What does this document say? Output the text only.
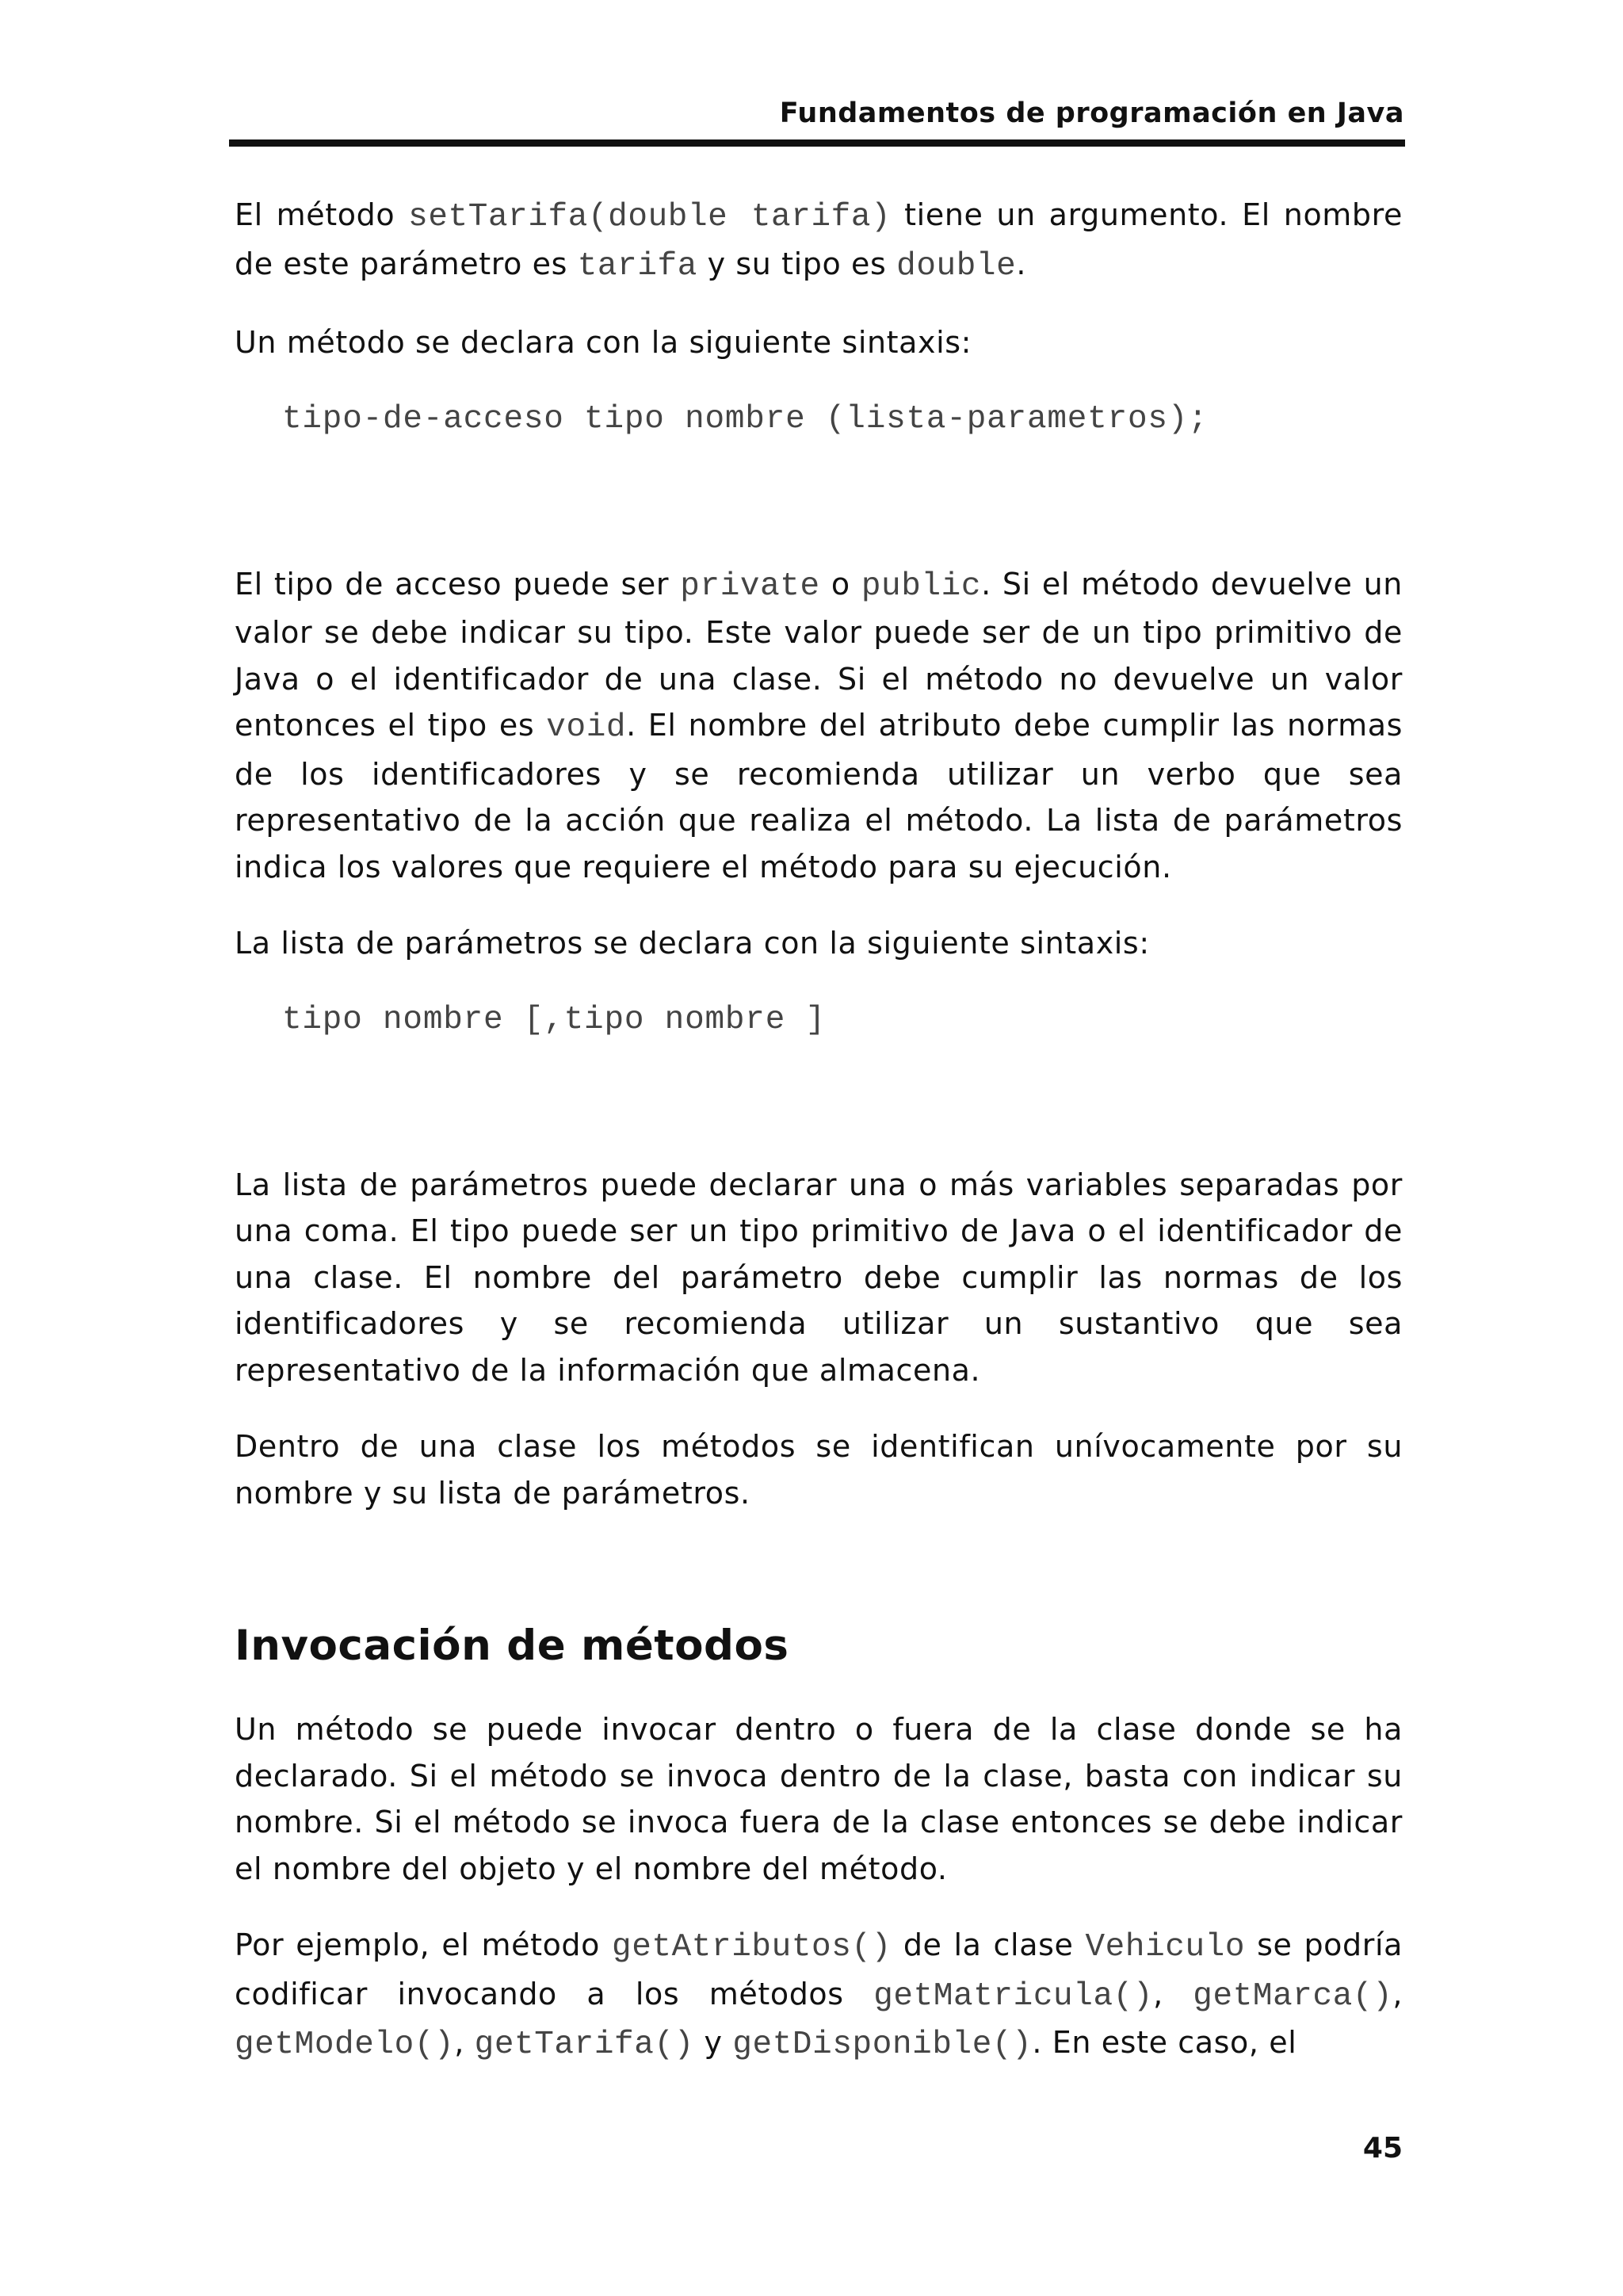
Fundamentos de programación en Java

El método setTarifa(double tarifa) tiene un argumento. El nombre de este parámetro es tarifa y su tipo es double.

Un método se declara con la siguiente sintaxis:

tipo-de-acceso tipo nombre (lista-parametros);

El tipo de acceso puede ser private o public. Si el método devuelve un valor se debe indicar su tipo. Este valor puede ser de un tipo primitivo de Java o el identificador de una clase. Si el método no devuelve un valor entonces el tipo es void. El nombre del atributo debe cumplir las normas de los identificadores y se recomienda utilizar un verbo que sea representativo de la acción que realiza el método. La lista de parámetros indica los valores que requiere el método para su ejecución.

La lista de parámetros se declara con la siguiente sintaxis:

tipo nombre [,tipo nombre ]

La lista de parámetros puede declarar una o más variables separadas por una coma. El tipo puede ser un tipo primitivo de Java o el identificador de una clase. El nombre del parámetro debe cumplir las normas de los identificadores y se recomienda utilizar un sustantivo que sea representativo de la información que almacena.

Dentro de una clase los métodos se identifican unívocamente por su nombre y su lista de parámetros.

Invocación de métodos

Un método se puede invocar dentro o fuera de la clase donde se ha declarado. Si el método se invoca dentro de la clase, basta con indicar su nombre. Si el método se invoca fuera de la clase entonces se debe indicar el nombre del objeto y el nombre del método.

Por ejemplo, el método getAtributos() de la clase Vehiculo se podría codificar invocando a los métodos getMatricula(), getMarca(), getModelo(), getTarifa() y getDisponible(). En este caso, el

45
